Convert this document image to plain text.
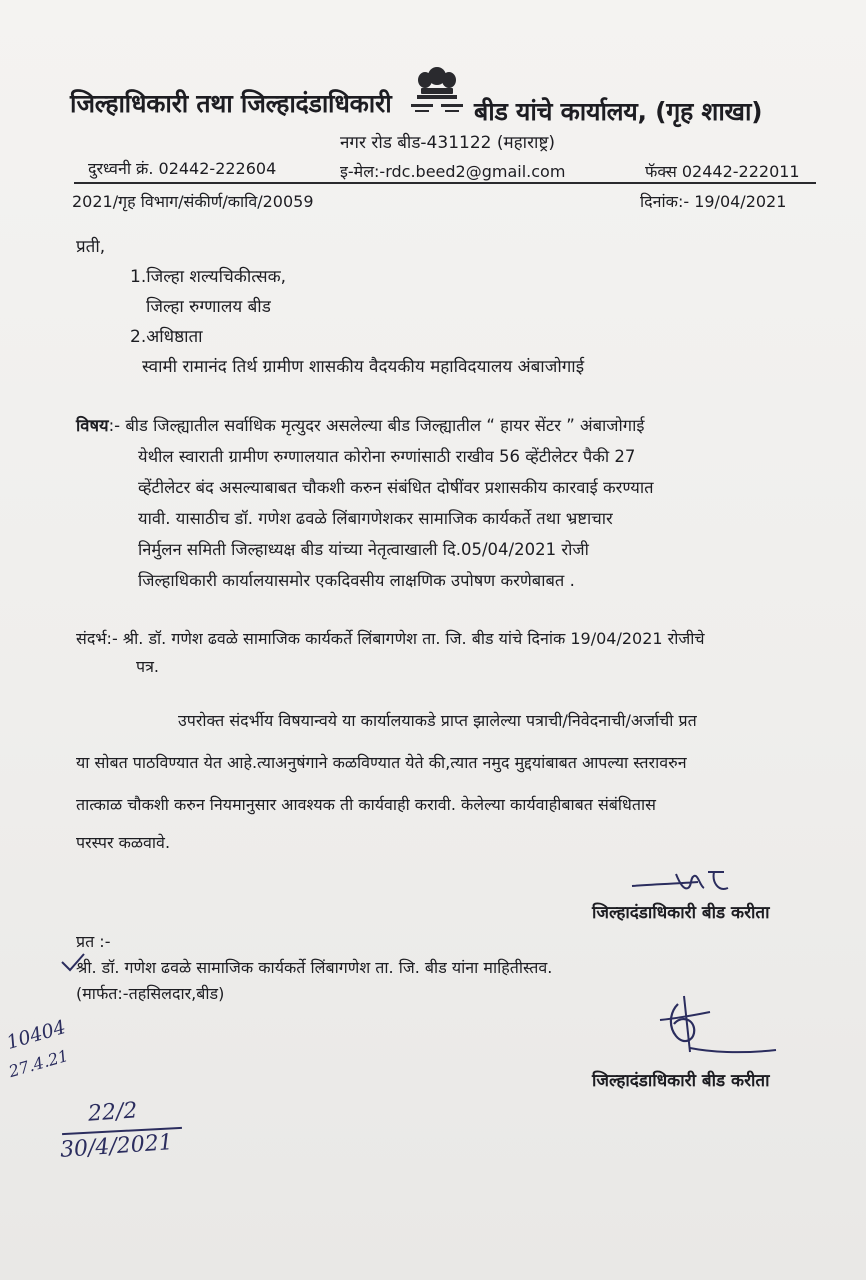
जिल्हाधिकारी तथा जिल्हादंडाधिकारी	बीड यांचे कार्यालय, (गृह शाखा)
नगर रोड बीड-431122 (महाराष्ट्र)
दुरध्वनी क्रं. 02442-222604	इ-मेल:-rdc.beed2@gmail.com	फॅक्स 02442-222011
2021/गृह विभाग/संकीर्ण/कावि/20059	दिनांक:- 19/04/2021
प्रती,
1.जिल्हा शल्यचिकीत्सक,
जिल्हा रुग्णालय बीड
2.अधिष्ठाता
स्वामी रामानंद तिर्थ ग्रामीण शासकीय वैदयकीय महाविदयालय अंबाजोगाई
विषय:- बीड जिल्ह्यातील सर्वाधिक मृत्युदर असलेल्या बीड जिल्ह्यातील “ हायर सेंटर ” अंबाजोगाई
येथील स्वाराती ग्रामीण रुग्णालयात कोरोना रुग्णांसाठी राखीव 56 व्हेंटीलेटर पैकी 27
व्हेंटीलेटर बंद असल्याबाबत चौकशी करुन संबंधित दोषींवर प्रशासकीय कारवाई करण्यात
यावी. यासाठीच डॉ. गणेश ढवळे लिंबागणेशकर सामाजिक कार्यकर्ते तथा भ्रष्टाचार
निर्मुलन समिती जिल्हाध्यक्ष बीड यांच्या नेतृत्वाखाली दि.05/04/2021 रोजी
जिल्हाधिकारी कार्यालयासमोर एकदिवसीय लाक्षणिक उपोषण करणेबाबत .
संदर्भ:- श्री. डॉ. गणेश ढवळे सामाजिक कार्यकर्ते लिंबागणेश ता. जि. बीड यांचे दिनांक 19/04/2021 रोजीचे
पत्र.
उपरोक्त संदर्भीय विषयान्वये या कार्यालयाकडे प्राप्त झालेल्या पत्राची/निवेदनाची/अर्जाची प्रत
या सोबत पाठविण्यात येत आहे.त्याअनुषंगाने कळविण्यात येते की,त्यात नमुद मुद्दयांबाबत आपल्या स्तरावरुन
तात्काळ चौकशी करुन नियमानुसार आवश्यक ती कार्यवाही करावी. केलेल्या कार्यवाहीबाबत संबंधितास
परस्पर कळवावे.
जिल्हादंडाधिकारी बीड करीता
प्रत :-
श्री. डॉ. गणेश ढवळे सामाजिक कार्यकर्ते लिंबागणेश ता. जि. बीड यांना माहितीस्तव.
(मार्फत:-तहसिलदार,बीड)
जिल्हादंडाधिकारी बीड करीता
10404
27.4.21
22/2
30/4/2021
